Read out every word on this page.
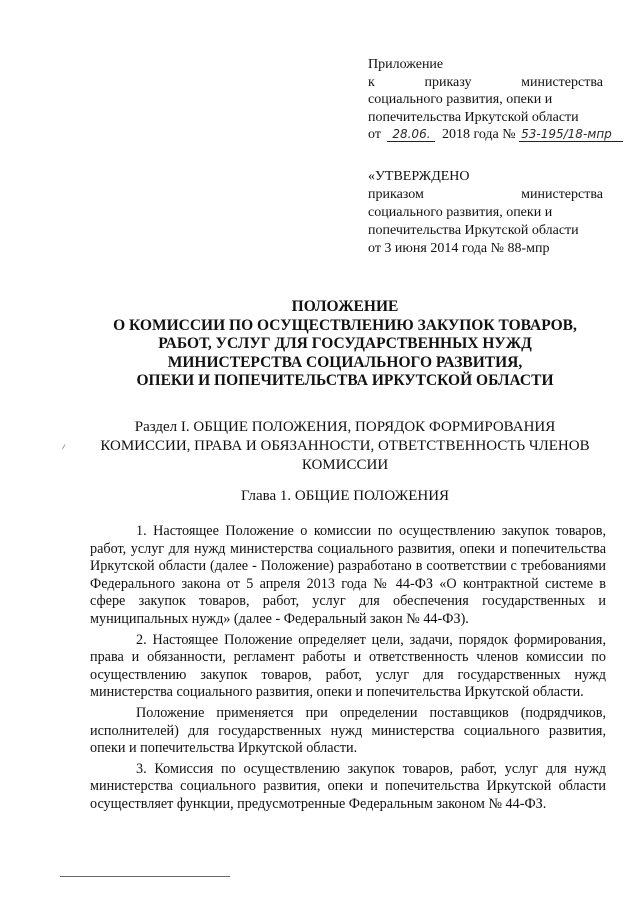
Приложение
к	приказу	министерства
социального развития, опеки и
попечительства Иркутской области
от 28.06. 2018 года № 53-195/18-мпр
«УТВЕРЖДЕНО
приказом	министерства
социального развития, опеки и
попечительства Иркутской области
от 3 июня 2014 года № 88-мпр
ПОЛОЖЕНИЕ
О КОМИССИИ ПО ОСУЩЕСТВЛЕНИЮ ЗАКУПОК ТОВАРОВ,
РАБОТ, УСЛУГ ДЛЯ ГОСУДАРСТВЕННЫХ НУЖД
МИНИСТЕРСТВА СОЦИАЛЬНОГО РАЗВИТИЯ,
ОПЕКИ И ПОПЕЧИТЕЛЬСТВА ИРКУТСКОЙ ОБЛАСТИ
Раздел I. ОБЩИЕ ПОЛОЖЕНИЯ, ПОРЯДОК ФОРМИРОВАНИЯ
КОМИССИИ, ПРАВА И ОБЯЗАННОСТИ, ОТВЕТСТВЕННОСТЬ ЧЛЕНОВ
КОМИССИИ
Глава 1. ОБЩИЕ ПОЛОЖЕНИЯ

1. Настоящее Положение о комиссии по осуществлению закупок товаров, работ, услуг для нужд министерства социального развития, опеки и попечительства Иркутской области (далее - Положение) разработано в соответствии с требованиями Федерального закона от 5 апреля 2013 года № 44-ФЗ «О контрактной системе в сфере закупок товаров, работ, услуг для обеспечения государственных и муниципальных нужд» (далее - Федеральный закон № 44-ФЗ).

2. Настоящее Положение определяет цели, задачи, порядок формирования, права и обязанности, регламент работы и ответственность членов комиссии по осуществлению закупок товаров, работ, услуг для государственных нужд министерства социального развития, опеки и попечительства Иркутской области.

Положение применяется при определении поставщиков (подрядчиков, исполнителей) для государственных нужд министерства социального развития, опеки и попечительства Иркутской области.

3. Комиссия по осуществлению закупок товаров, работ, услуг для нужд министерства социального развития, опеки и попечительства Иркутской области осуществляет функции, предусмотренные Федеральным законом № 44-ФЗ.
